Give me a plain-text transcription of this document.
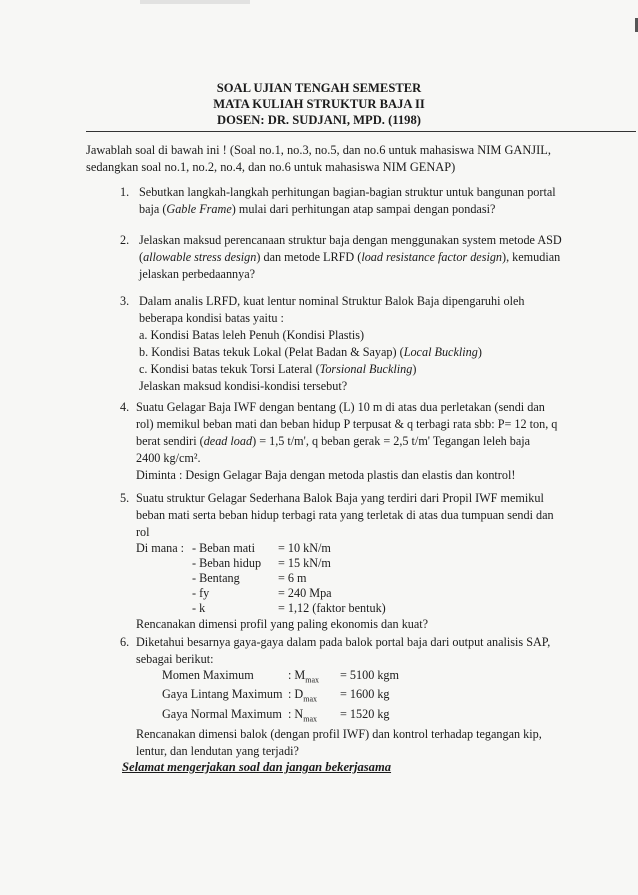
SOAL UJIAN TENGAH SEMESTER
MATA KULIAH STRUKTUR BAJA II
DOSEN: DR. SUDJANI, MPD. (1198)
Jawablah soal di bawah ini ! (Soal no.1, no.3, no.5, dan no.6 untuk mahasiswa NIM GANJIL,
sedangkan soal no.1, no.2, no.4, dan no.6 untuk mahasiswa NIM GENAP)
1. Sebutkan langkah-langkah perhitungan bagian-bagian struktur untuk bangunan portal
baja (Gable Frame) mulai dari perhitungan atap sampai dengan pondasi?
2. Jelaskan maksud perencanaan struktur baja dengan menggunakan system metode ASD
(allowable stress design) dan metode LRFD (load resistance factor design), kemudian
jelaskan perbedaannya?
3. Dalam analis LRFD, kuat lentur nominal Struktur Balok Baja dipengaruhi oleh
beberapa kondisi batas yaitu :
a. Kondisi Batas leleh Penuh (Kondisi Plastis)
b. Kondisi Batas tekuk Lokal (Pelat Badan & Sayap) (Local Buckling)
c. Kondisi batas tekuk Torsi Lateral (Torsional Buckling)
Jelaskan maksud kondisi-kondisi tersebut?
4. Suatu Gelagar Baja IWF dengan bentang (L) 10 m di atas dua perletakan (sendi dan
rol) memikul beban mati dan beban hidup P terpusat & q terbagi rata sbb: P= 12 ton, q
berat sendiri (dead load) = 1,5 t/m', q beban gerak = 2,5 t/m' Tegangan leleh baja
2400 kg/cm².
Diminta : Design Gelagar Baja dengan metoda plastis dan elastis dan kontrol!
5. Suatu struktur Gelagar Sederhana Balok Baja yang terdiri dari Propil IWF memikul
beban mati serta beban hidup terbagi rata yang terletak di atas dua tumpuan sendi dan
rol
Di mana :	- Beban mati	= 10 kN/m
	- Beban hidup	= 15 kN/m
	- Bentang	= 6 m
	- fy	= 240 Mpa
	- k	= 1,12 (faktor bentuk)
Rencanakan dimensi profil yang paling ekonomis dan kuat?
6. Diketahui besarnya gaya-gaya dalam pada balok portal baja dari output analisis SAP,
sebagai berikut:
Momen Maximum	: $M_{max}$	= 5100 kgm
Gaya Lintang Maximum	: $D_{max}$	= 1600 kg
Gaya Normal Maximum	: $N_{max}$	= 1520 kg
Rencanakan dimensi balok (dengan profil IWF) dan kontrol terhadap tegangan kip,
lentur, dan lendutan yang terjadi?
Selamat mengerjakan soal dan jangan bekerjasama
